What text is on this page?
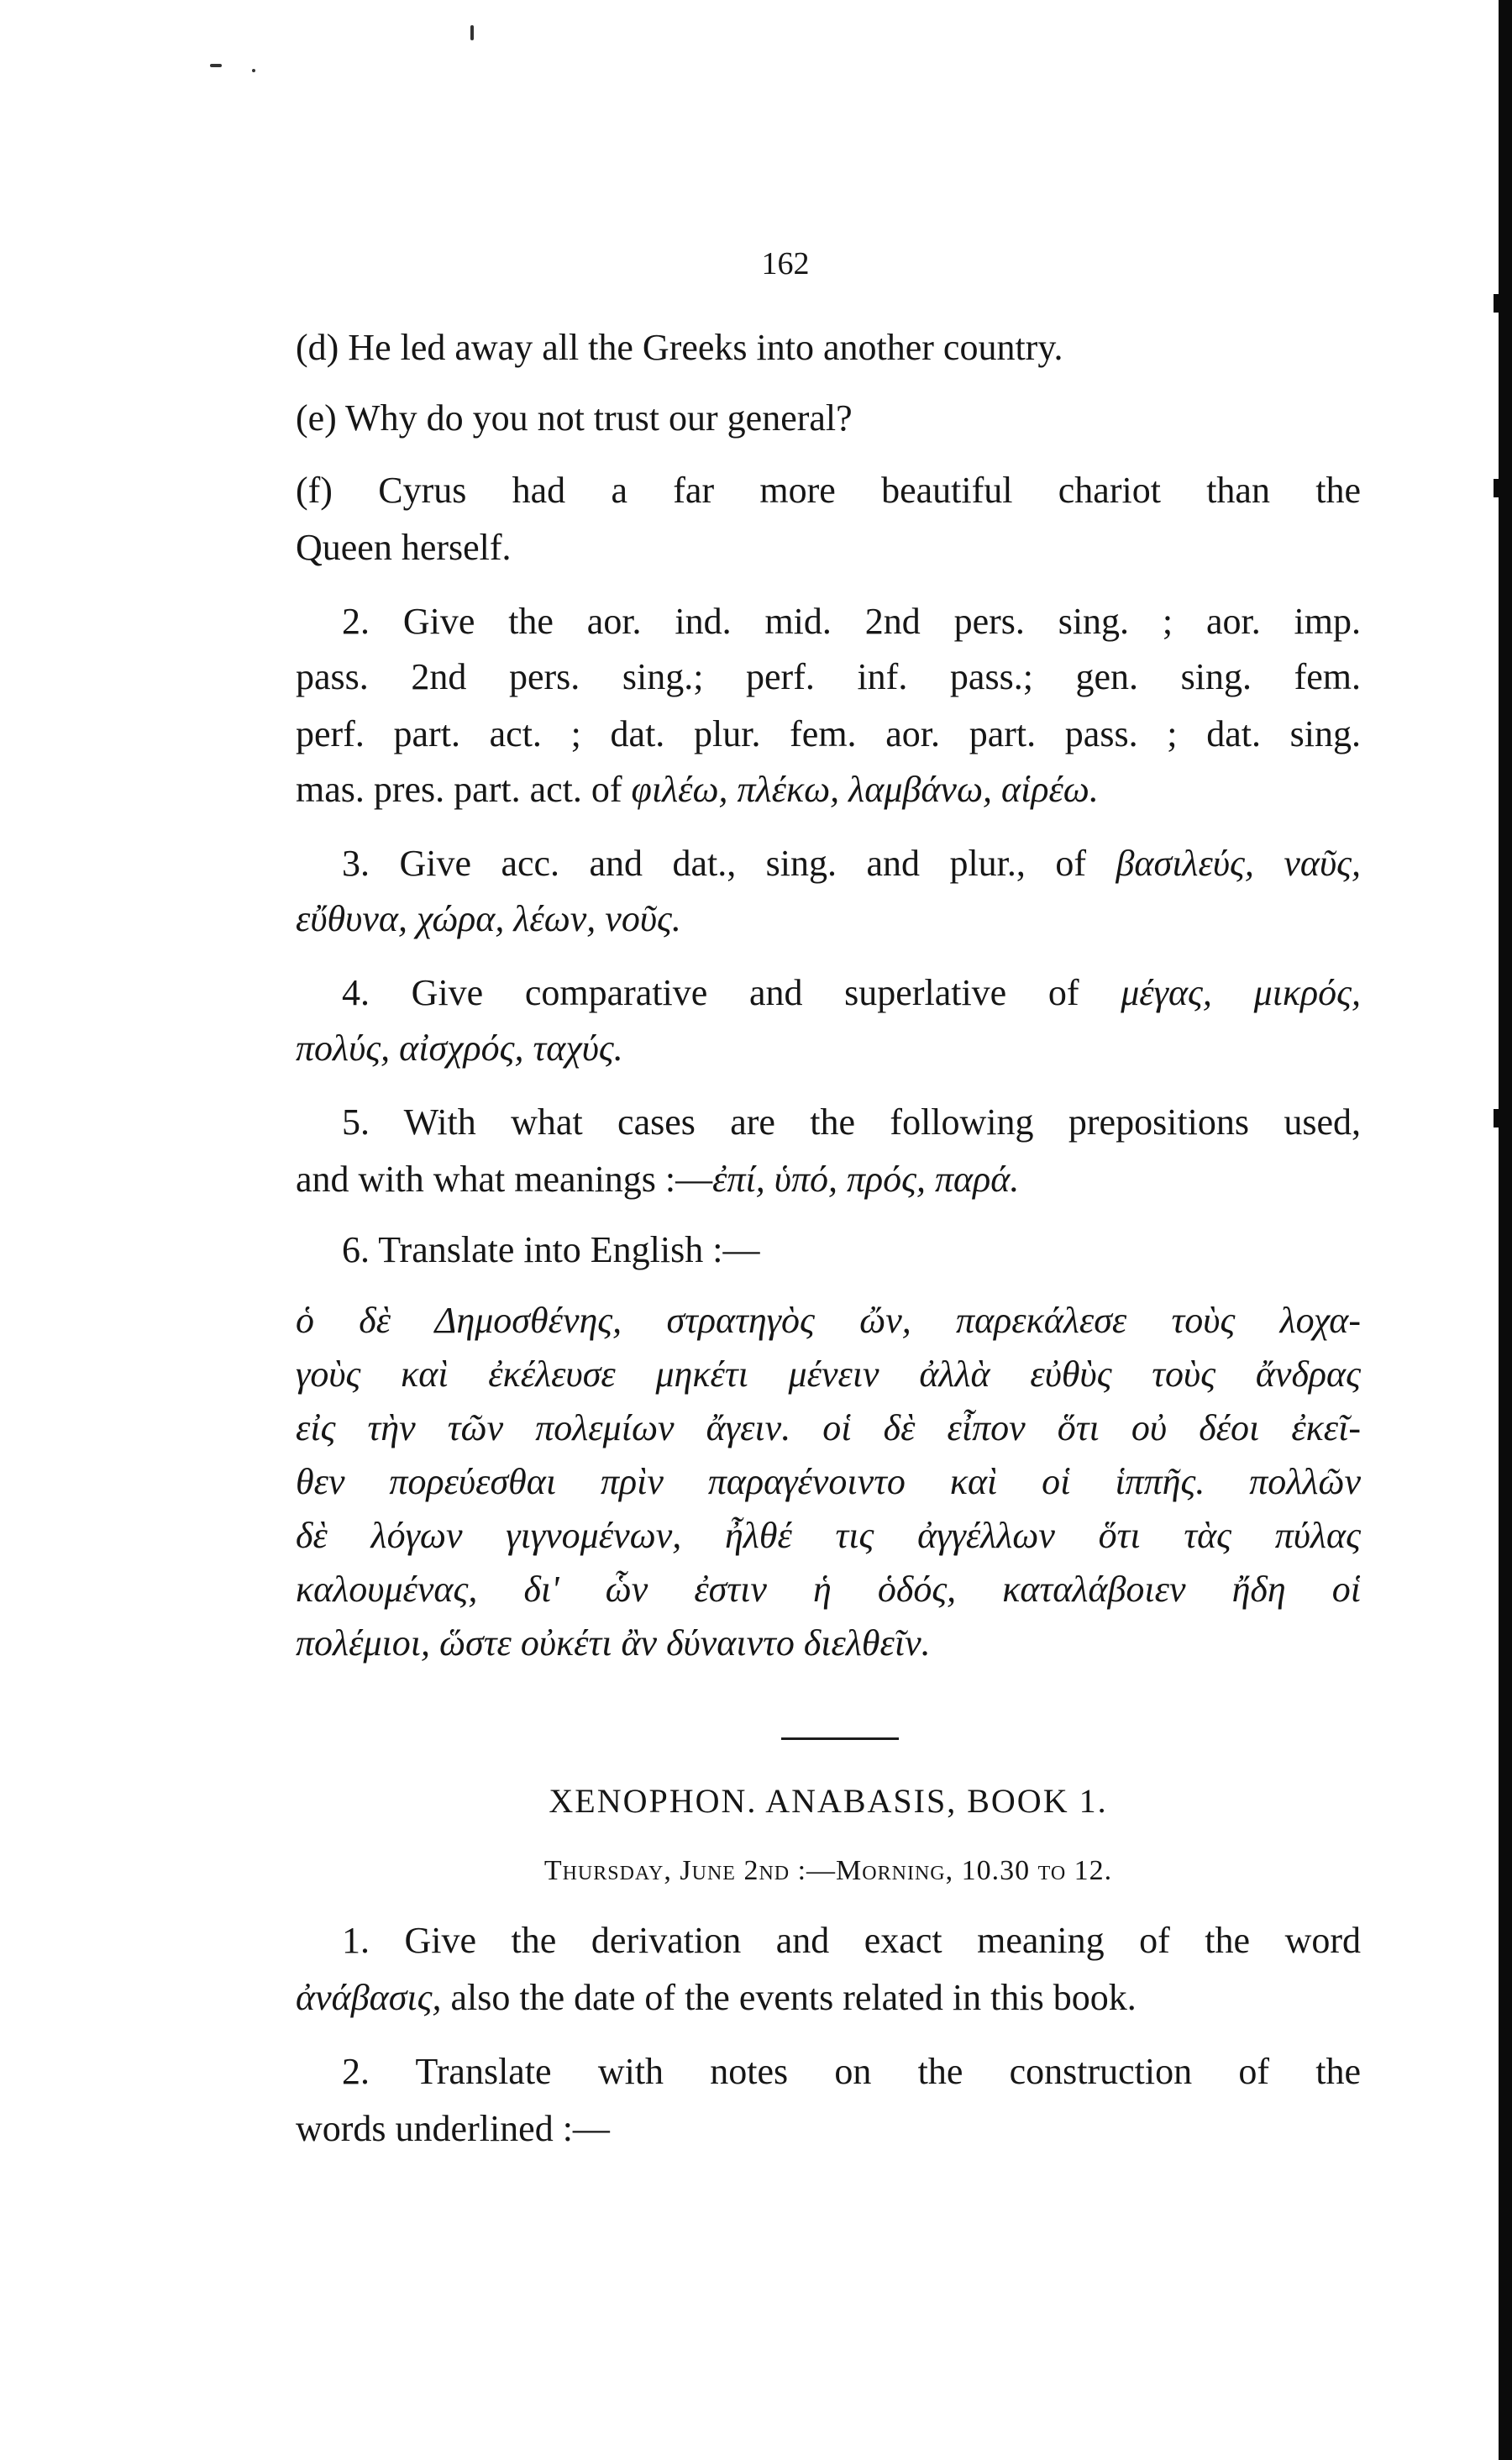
162
(d) He led away all the Greeks into another country.
(e) Why do you not trust our general?
(f) Cyrus had a far more beautiful chariot than the
Queen herself.
2. Give the aor. ind. mid. 2nd pers. sing. ; aor. imp.
pass. 2nd pers. sing.; perf. inf. pass.; gen. sing. fem.
perf. part. act. ; dat. plur. fem. aor. part. pass. ; dat. sing.
mas. pres. part. act. of φιλέω, πλέκω, λαμβάνω, αἱρέω.
3. Give acc. and dat., sing. and plur., of βασιλεύς, ναῦς,
εὔθυνα, χώρα, λέων, νοῦς.
4. Give comparative and superlative of μέγας, μικρός,
πολύς, αἰσχρός, ταχύς.
5. With what cases are the following prepositions used,
and with what meanings :—ἐπί, ὑπό, πρός, παρά.
6. Translate into English :—
ὁ δὲ Δημοσθένης, στρατηγὸς ὤν, παρεκάλεσε τοὺς λοχα-
γοὺς καὶ ἐκέλευσε μηκέτι μένειν ἀλλὰ εὐθὺς τοὺς ἄνδρας
εἰς τὴν τῶν πολεμίων ἄγειν. οἱ δὲ εἶπον ὅτι οὐ δέοι ἐκεῖ-
θεν πορεύεσθαι πρὶν παραγένοιντο καὶ οἱ ἱππῆς. πολλῶν
δὲ λόγων γιγνομένων, ἦλθέ τις ἀγγέλλων ὅτι τὰς πύλας
καλουμένας, δι' ὧν ἐστιν ἡ ὁδός, καταλάβοιεν ἤδη οἱ
πολέμιοι, ὥστε οὐκέτι ἂν δύναιντο διελθεῖν.
XENOPHON. ANABASIS, BOOK 1.
Thursday, June 2nd :—Morning, 10.30 to 12.
1. Give the derivation and exact meaning of the word
ἀνάβασις, also the date of the events related in this book.
2. Translate with notes on the construction of the
words underlined :—
